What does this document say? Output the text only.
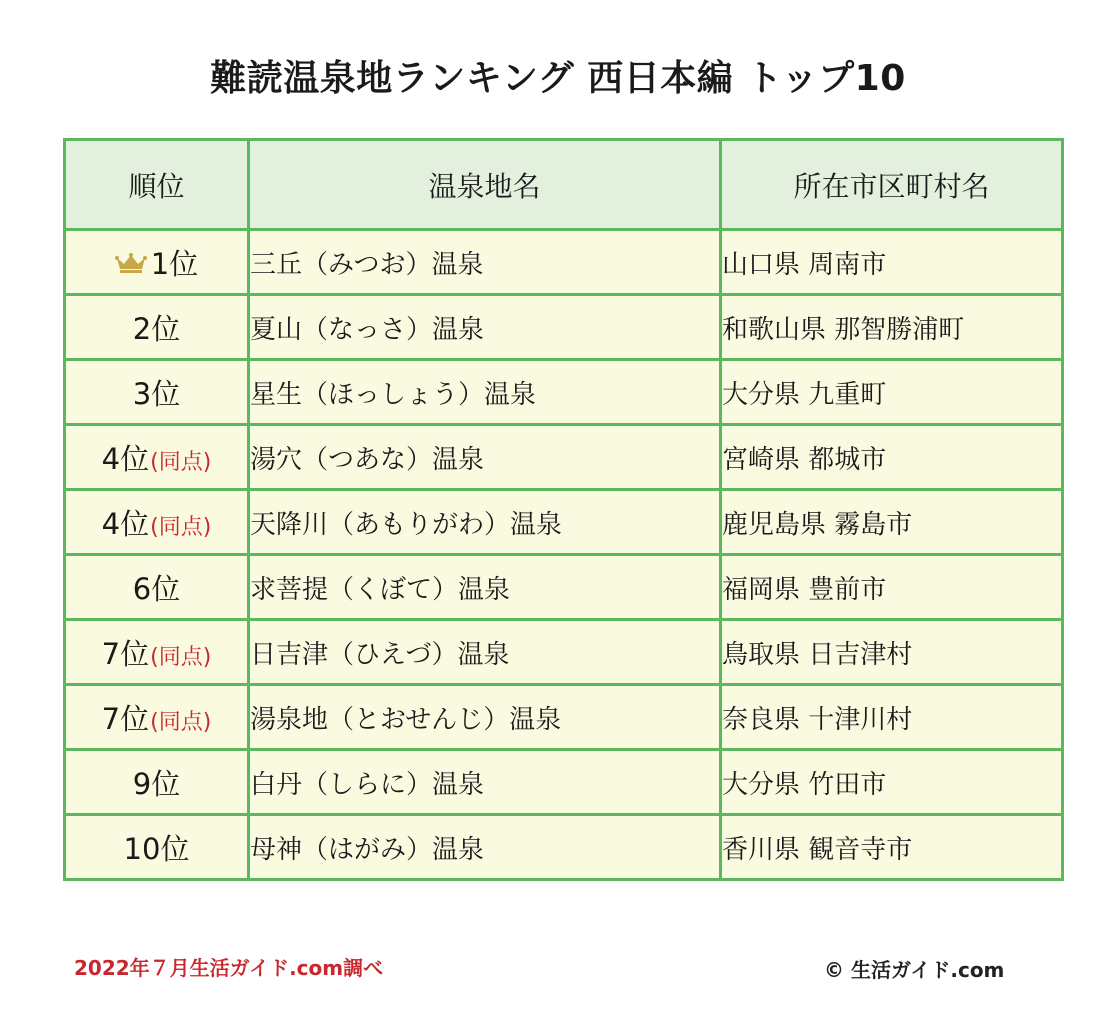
難読温泉地ランキング 西日本編 トップ10
順位	温泉地名	所在市区町村名
1位	三丘（みつお）温泉	山口県 周南市
2位	夏山（なっさ）温泉	和歌山県 那智勝浦町
3位	星生（ほっしょう）温泉	大分県 九重町
4位(同点)	湯穴（つあな）温泉	宮崎県 都城市
4位(同点)	天降川（あもりがわ）温泉	鹿児島県 霧島市
6位	求菩提（くぼて）温泉	福岡県 豊前市
7位(同点)	日吉津（ひえづ）温泉	鳥取県 日吉津村
7位(同点)	湯泉地（とおせんじ）温泉	奈良県 十津川村
9位	白丹（しらに）温泉	大分県 竹田市
10位	母神（はがみ）温泉	香川県 観音寺市
2022年７月生活ガイド.com調べ	© 生活ガイド.com
